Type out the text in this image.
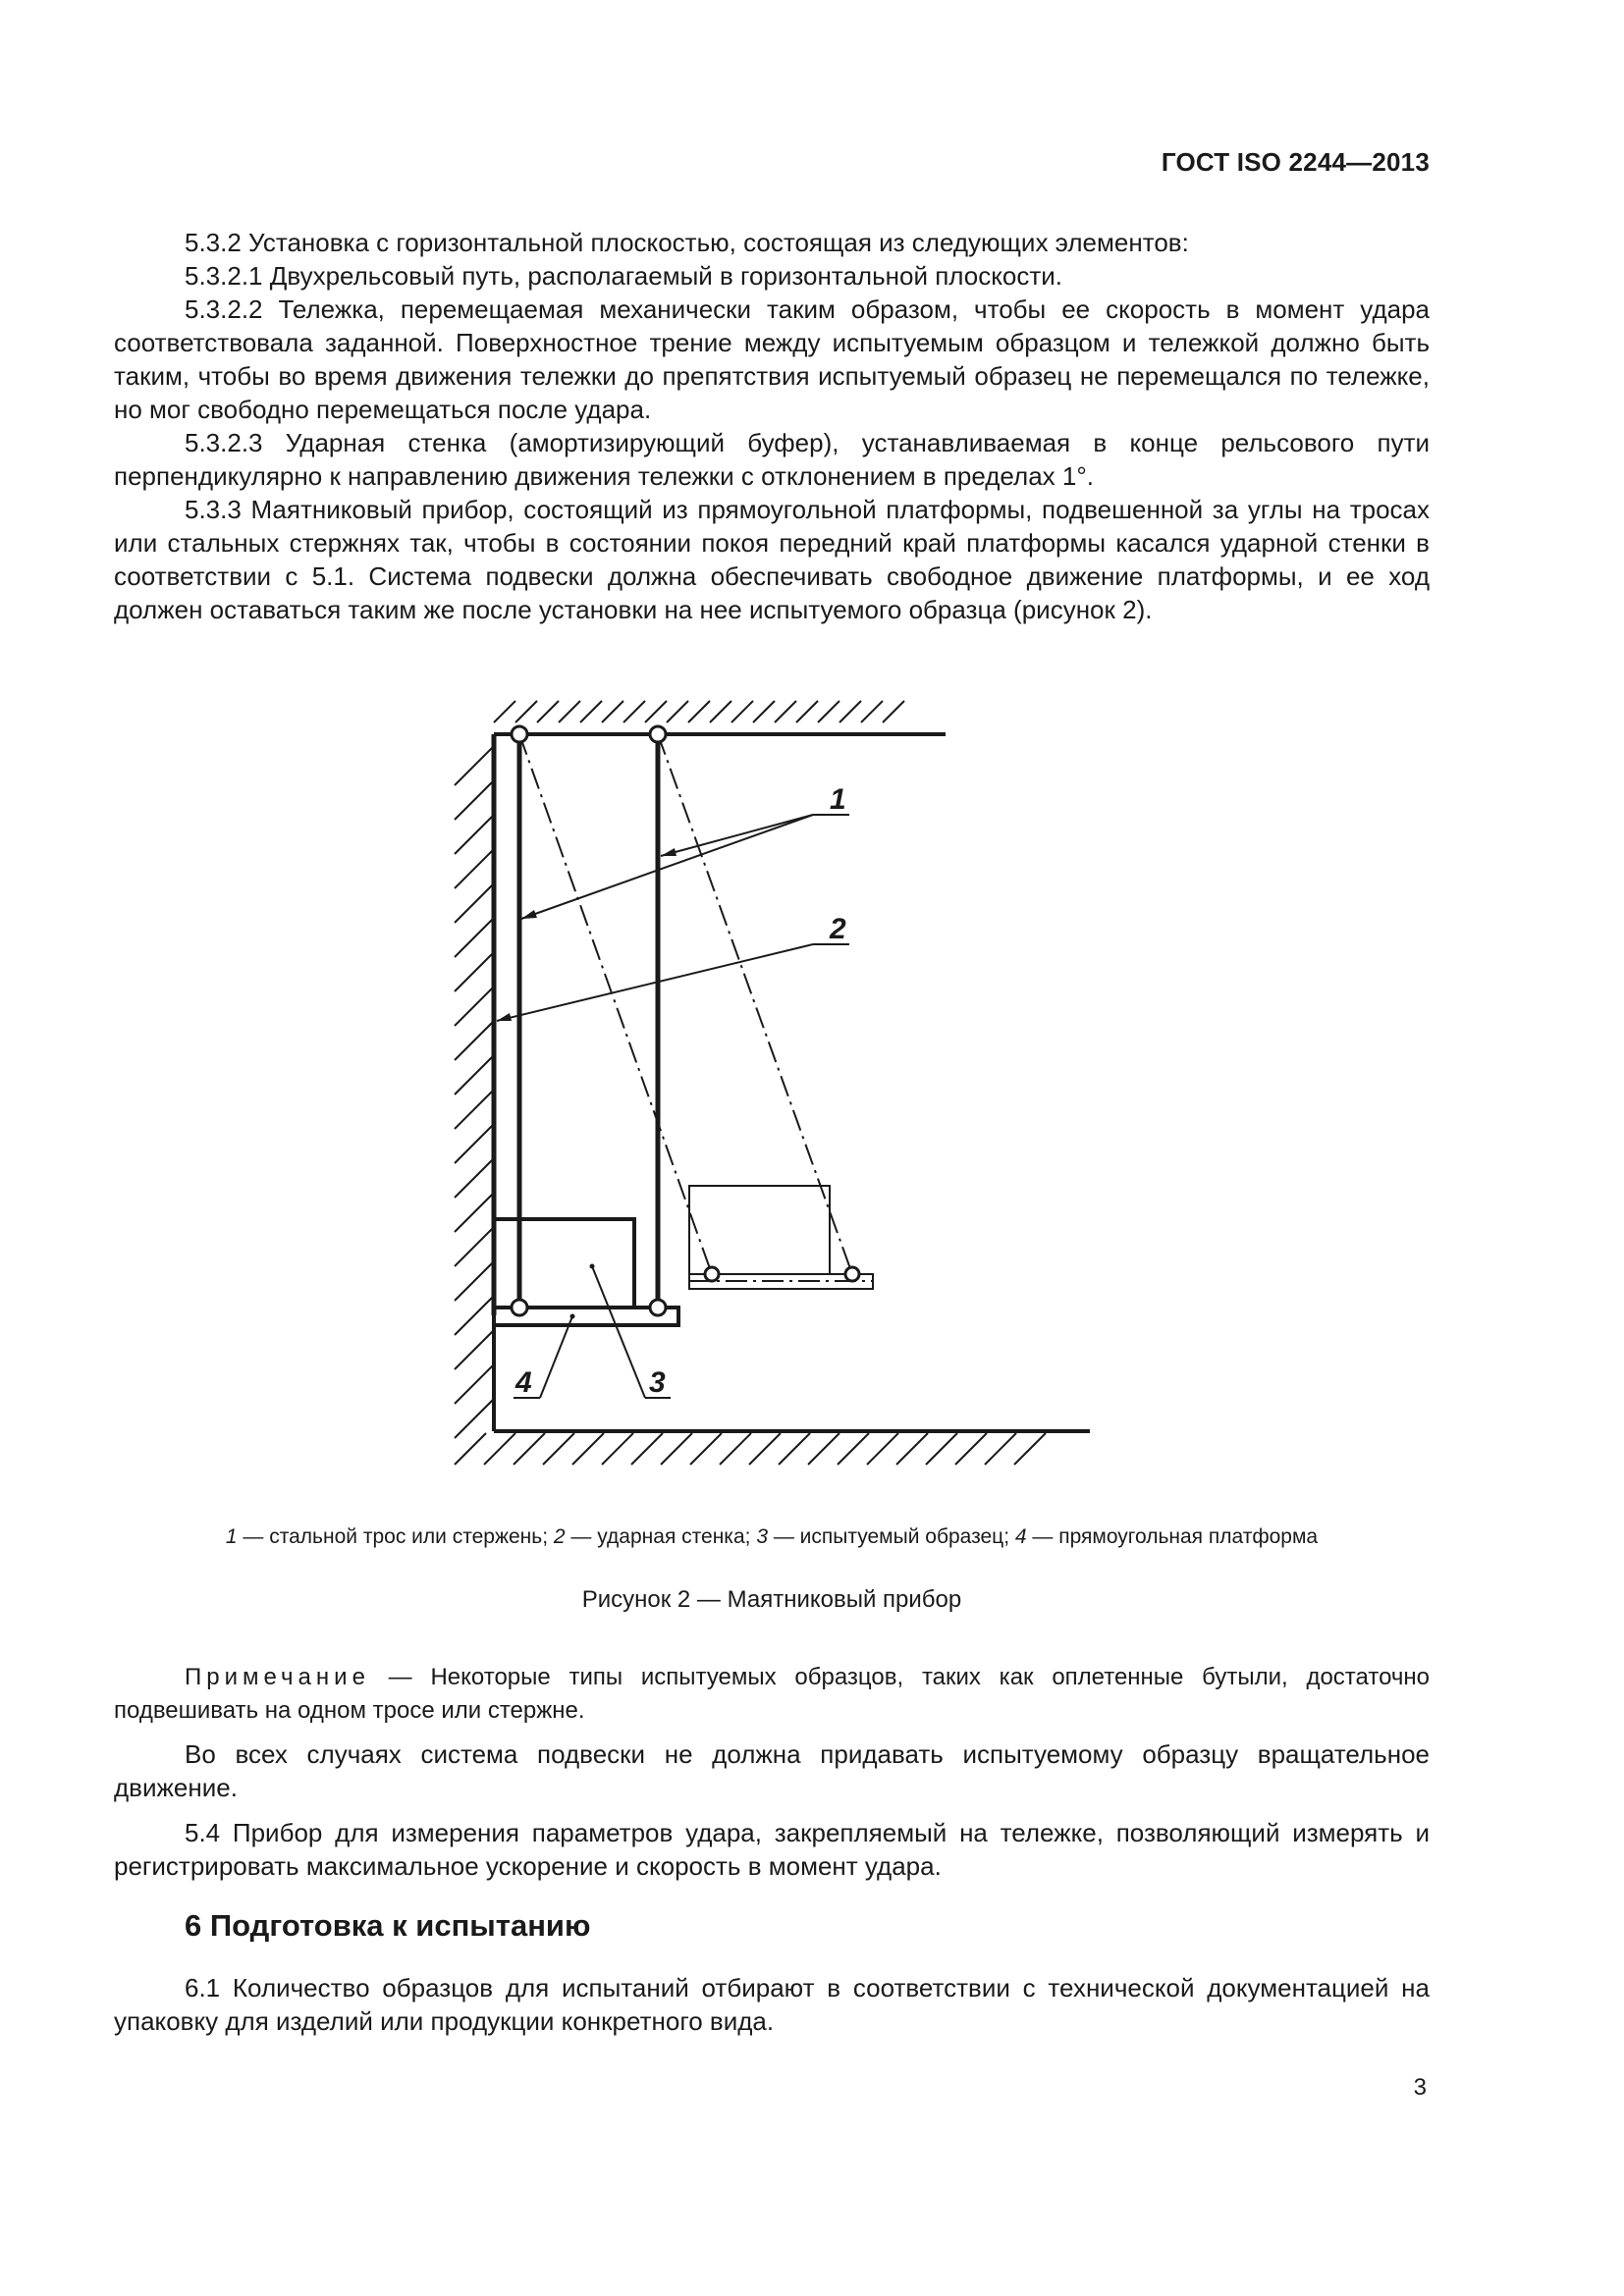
ГОСТ ISO 2244—2013

5.3.2 Установка с горизонтальной плоскостью, состоящая из следующих элементов:

5.3.2.1 Двухрельсовый путь, располагаемый в горизонтальной плоскости.

5.3.2.2 Тележка, перемещаемая механически таким образом, чтобы ее скорость в момент удара соответствовала заданной. Поверхностное трение между испытуемым образцом и тележкой должно быть таким, чтобы во время движения тележки до препятствия испытуемый образец не перемещался по тележке, но мог свободно перемещаться после удара.

5.3.2.3 Ударная стенка (амортизирующий буфер), устанавливаемая в конце рельсового пути перпендикулярно к направлению движения тележки с отклонением в пределах 1°.

5.3.3 Маятниковый прибор, состоящий из прямоугольной платформы, подвешенной за углы на тросах или стальных стержнях так, чтобы в состоянии покоя передний край платформы касался ударной стенки в соответствии с 5.1. Система подвески должна обеспечивать свободное движение платформы, и ее ход должен оставаться таким же после установки на нее испытуемого образца (рисунок 2).

1
2
4	3
1 — стальной трос или стержень; 2 — ударная стенка; 3 — испытуемый образец; 4 — прямоугольная платформа
Рисунок 2 — Маятниковый прибор
Примечание — Некоторые типы испытуемых образцов, таких как оплетенные бутыли, достаточно подвешивать на одном тросе или стержне.

Во всех случаях система подвески не должна придавать испытуемому образцу вращательное движение.

5.4 Прибор для измерения параметров удара, закрепляемый на тележке, позволяющий измерять и регистрировать максимальное ускорение и скорость в момент удара.

6 Подготовка к испытанию

6.1 Количество образцов для испытаний отбирают в соответствии с технической документацией на упаковку для изделий или продукции конкретного вида.

3
